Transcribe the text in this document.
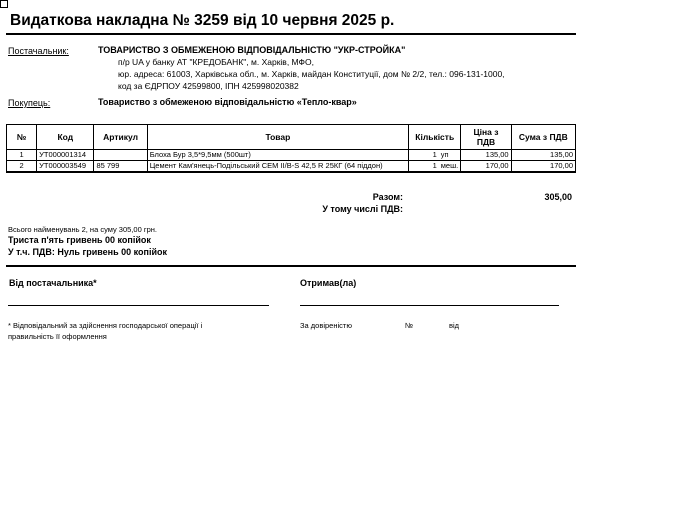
Видаткова накладна № 3259 від 10 червня 2025 р.
Постачальник:	ТОВАРИСТВО З ОБМЕЖЕНОЮ ВІДПОВІДАЛЬНІСТЮ "УКР-СТРОЙКА"
п/р UA у банку АТ "КРЕДОБАНК", м. Харків, МФО,
юр. адреса: 61003, Харківська обл., м. Харків, майдан Конституції, дом № 2/2, тел.: 096-131-1000,
код за ЄДРПОУ 42599800, ІПН 425998020382
Покупець:	Товариство з обмеженою відповідальністю «Тепло-квар»
№	Код	Артикул	Товар	Кількість		Ціна з ПДВ	Сума з ПДВ
1	УТ000001314		Блоха Бур 3,5*9,5мм (500шт)	1	уп	135,00	135,00
2	УТ000003549	85 799	Цемент Кам'янець-Подільський СЕМ ІІ/В-S 42,5 R 25КГ (64 піддон)	1	меш.	170,00	170,00
Разом:	305,00
У тому числі ПДВ:
Всього найменувань 2, на суму 305,00 грн.
Триста п'ять гривень 00 копійок
У т.ч. ПДВ: Нуль гривень 00 копійок
Від постачальника*	Отримав(ла)
* Відповідальний за здійснення господарської операції і
правильність її оформлення
За довіреністю	№	від
